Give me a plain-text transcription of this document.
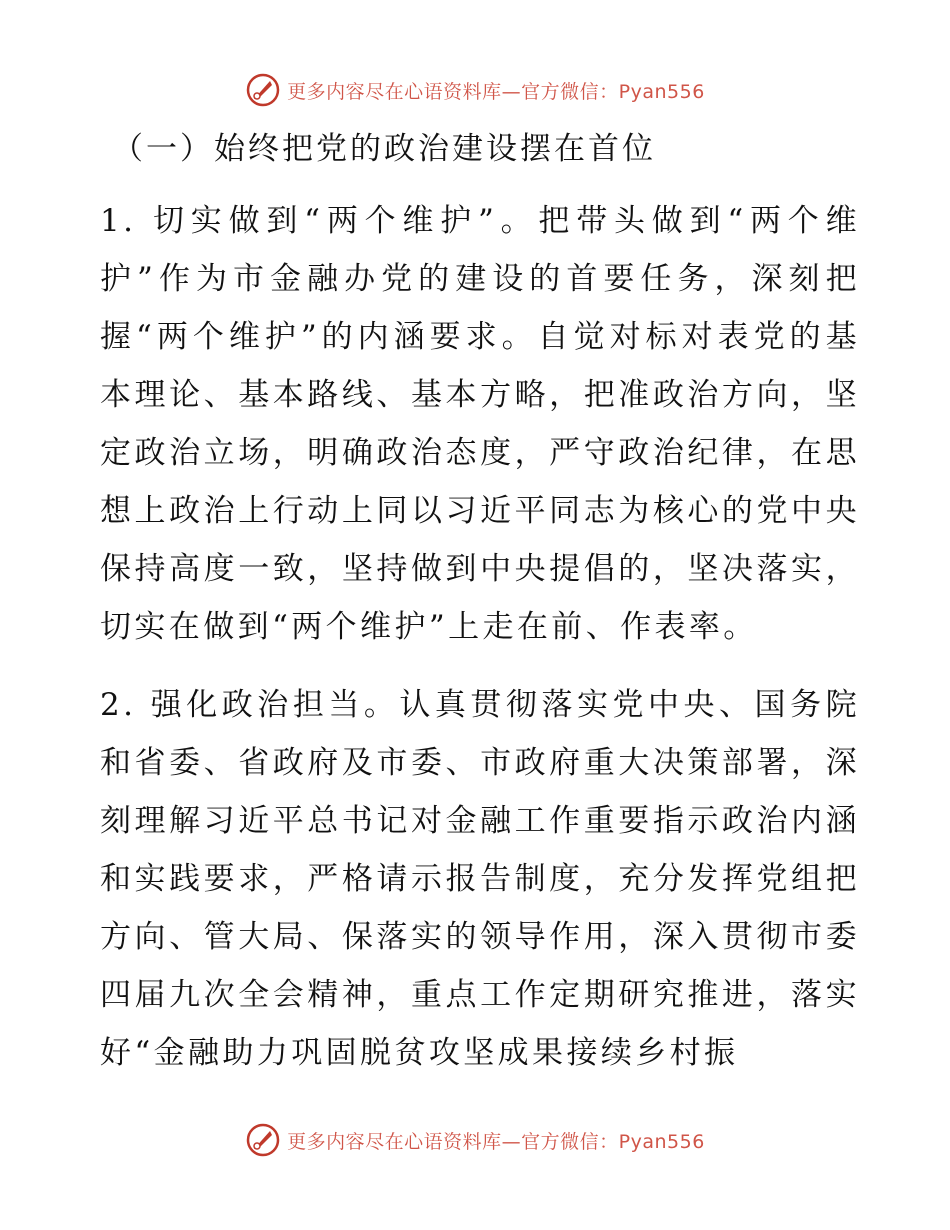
更多内容尽在心语资料库—官方微信：Pyan556
（一）始终把党的政治建设摆在首位
1. 切实做到“两个维护”。把带头做到“两个维
护”作为市金融办党的建设的首要任务，深刻把
握“两个维护”的内涵要求。自觉对标对表党的基
本理论、基本路线、基本方略，把准政治方向，坚
定政治立场，明确政治态度，严守政治纪律，在思
想上政治上行动上同以习近平同志为核心的党中央
保持高度一致，坚持做到中央提倡的，坚决落实，
切实在做到“两个维护”上走在前、作表率。
2. 强化政治担当。认真贯彻落实党中央、国务院
和省委、省政府及市委、市政府重大决策部署，深
刻理解习近平总书记对金融工作重要指示政治内涵
和实践要求，严格请示报告制度，充分发挥党组把
方向、管大局、保落实的领导作用，深入贯彻市委
四届九次全会精神，重点工作定期研究推进，落实
好“金融助力巩固脱贫攻坚成果接续乡村振
更多内容尽在心语资料库—官方微信：Pyan556
